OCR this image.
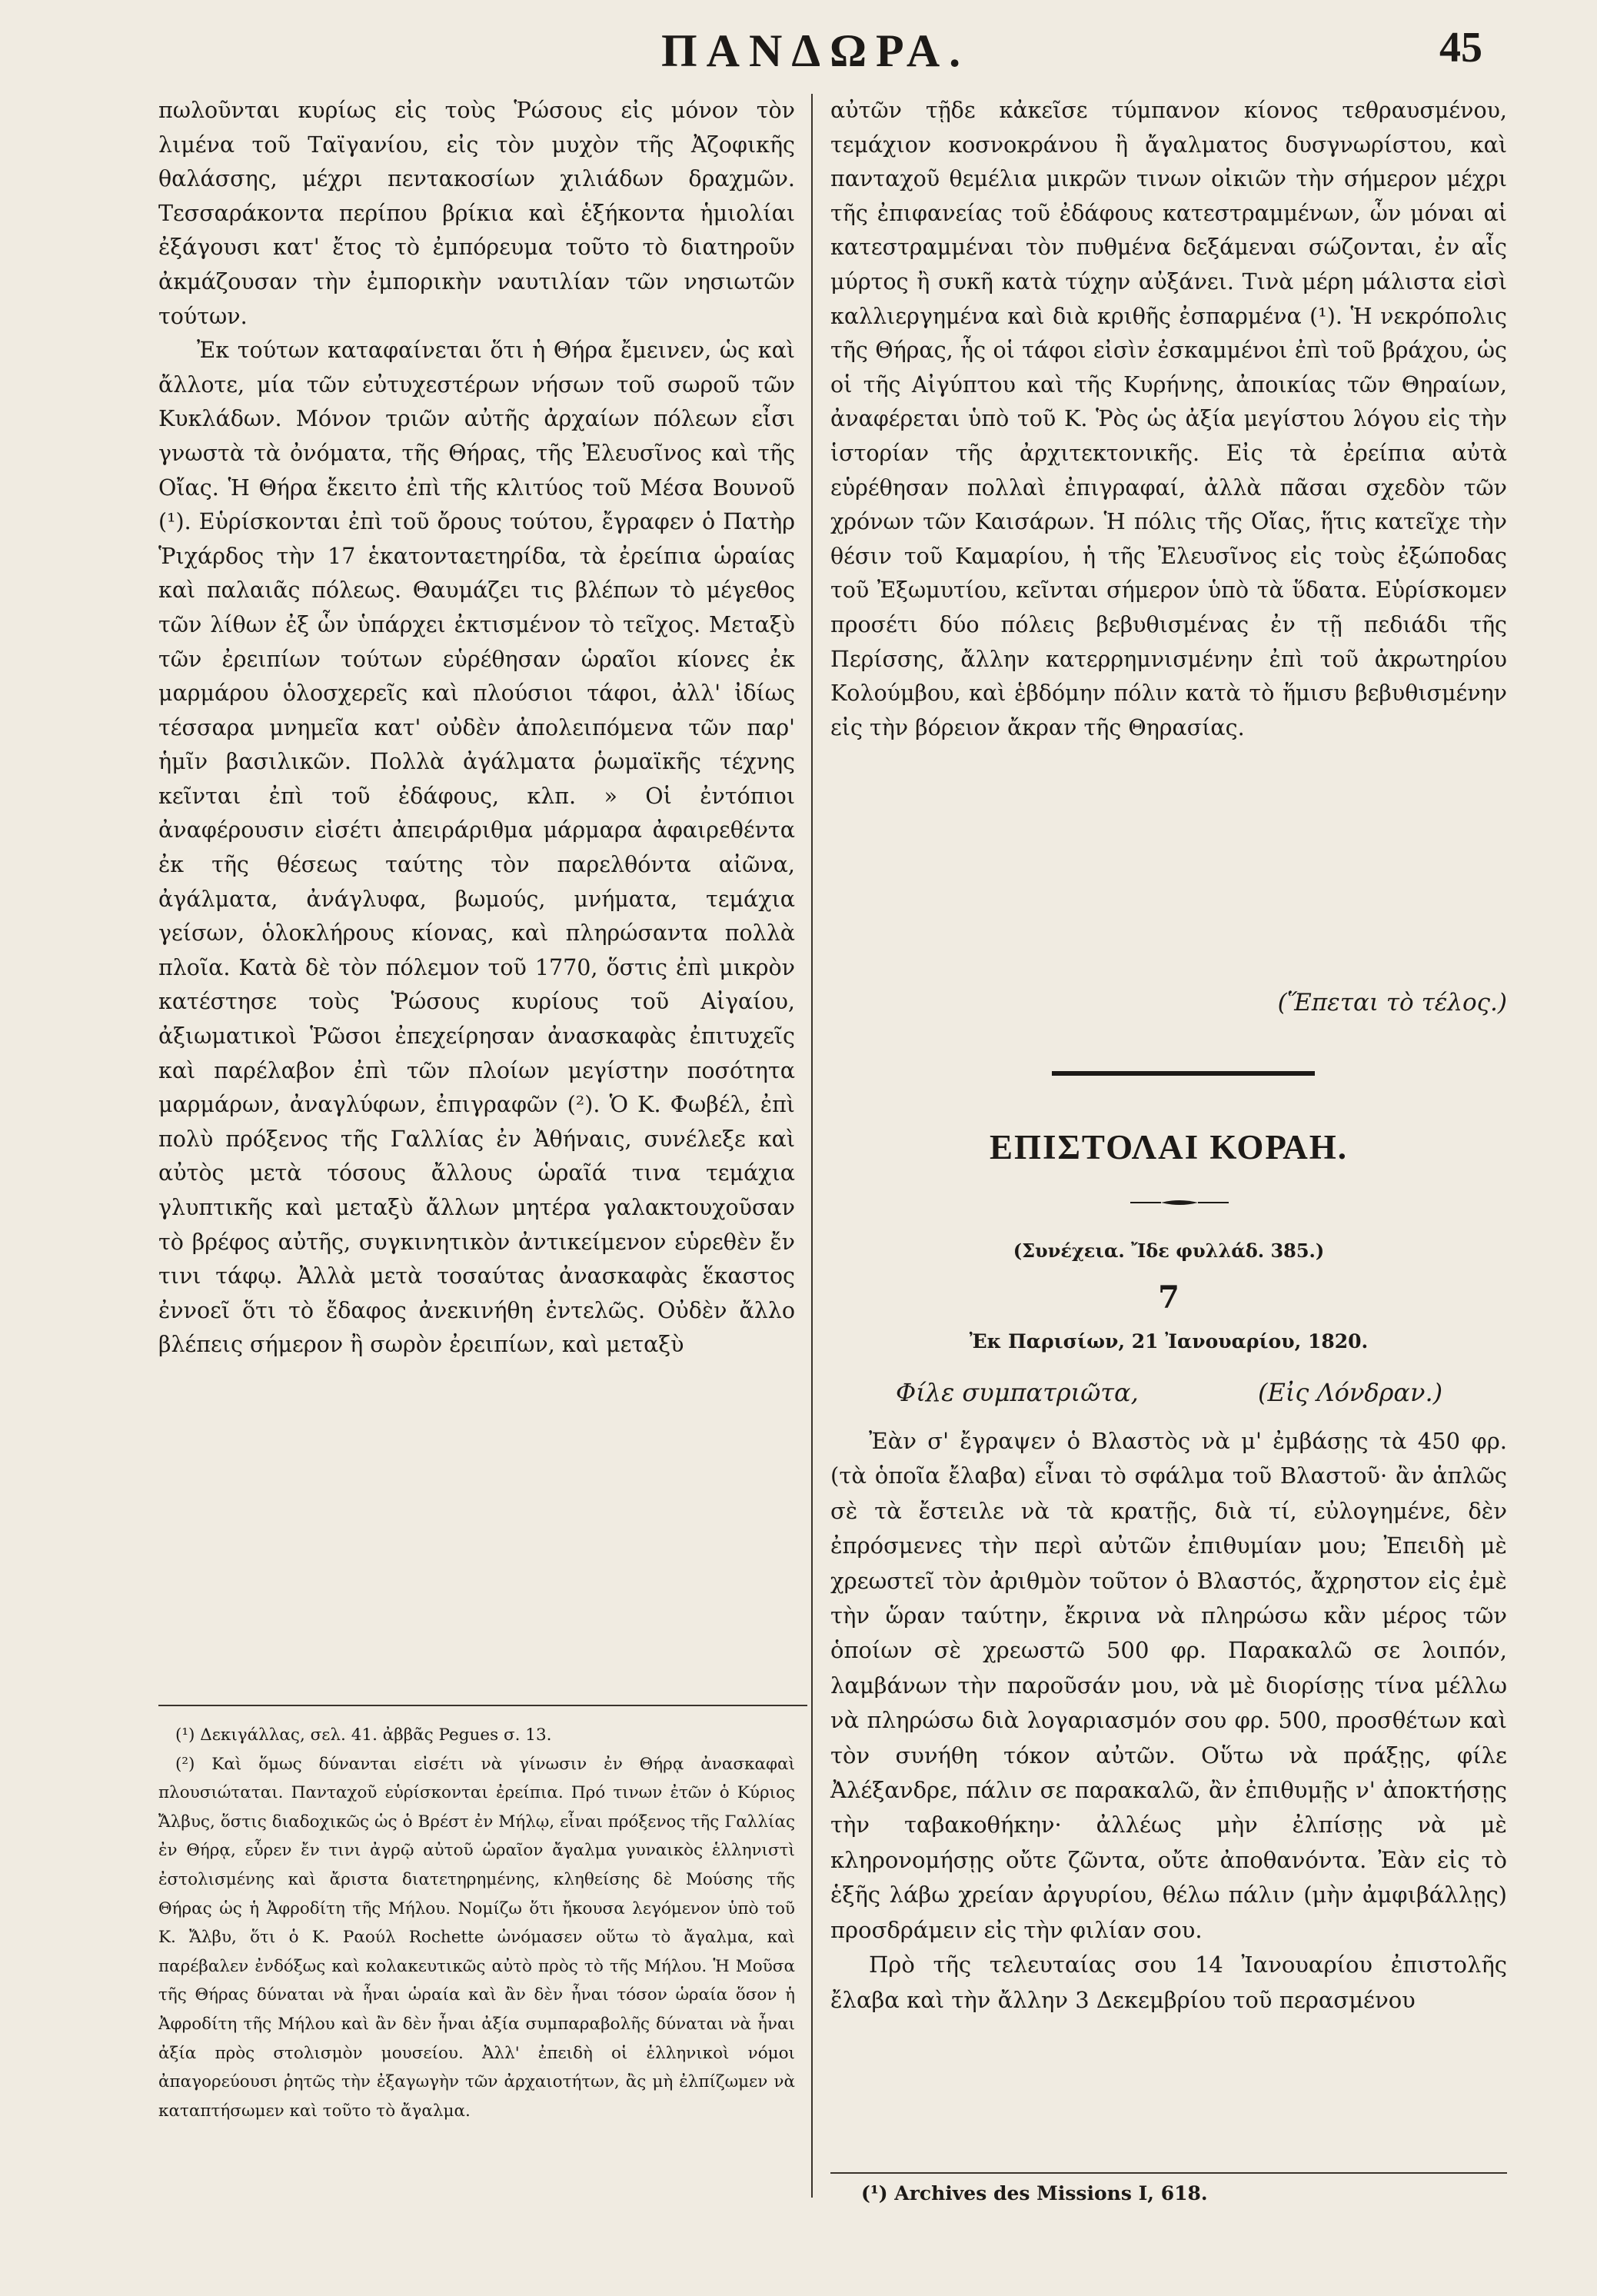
ΠΑΝΔΩΡΑ.	45

πωλοῦνται κυρίως εἰς τοὺς Ῥώσους εἰς μόνον τὸν λιμένα τοῦ Ταϊγανίου, εἰς τὸν μυχὸν τῆς Ἀζοφικῆς θαλάσσης, μέχρι πεντακοσίων χιλιάδων δραχμῶν. Τεσσαράκοντα περίπου βρίκια καὶ ἑξήκοντα ἡμιολίαι ἐξάγουσι κατ' ἔτος τὸ ἐμπόρευμα τοῦτο τὸ διατηροῦν ἀκμάζουσαν τὴν ἐμπορικὴν ναυτιλίαν τῶν νησιωτῶν τούτων.

Ἐκ τούτων καταφαίνεται ὅτι ἡ Θήρα ἔμεινεν, ὡς καὶ ἄλλοτε, μία τῶν εὐτυχεστέρων νήσων τοῦ σωροῦ τῶν Κυκλάδων. Μόνον τριῶν αὐτῆς ἀρχαίων πόλεων εἶσι γνωστὰ τὰ ὀνόματα, τῆς Θήρας, τῆς Ἐλευσῖνος καὶ τῆς Οἴας. Ἡ Θήρα ἔκειτο ἐπὶ τῆς κλιτύος τοῦ Μέσα Βουνοῦ (¹). Εὑρίσκονται ἐπὶ τοῦ ὄρους τούτου, ἔγραφεν ὁ Πατὴρ Ῥιχάρδος τὴν 17 ἑκατονταετηρίδα, τὰ ἐρείπια ὡραίας καὶ παλαιᾶς πόλεως. Θαυμάζει τις βλέπων τὸ μέγεθος τῶν λίθων ἐξ ὧν ὑπάρχει ἐκτισμένον τὸ τεῖχος. Μεταξὺ τῶν ἐρειπίων τούτων εὑρέθησαν ὡραῖοι κίονες ἐκ μαρμάρου ὁλοσχερεῖς καὶ πλούσιοι τάφοι, ἀλλ' ἰδίως τέσσαρα μνημεῖα κατ' οὐδὲν ἀπολειπόμενα τῶν παρ' ἡμῖν βασιλικῶν. Πολλὰ ἀγάλματα ῥωμαϊκῆς τέχνης κεῖνται ἐπὶ τοῦ ἐδάφους, κλπ. » Οἱ ἐντόπιοι ἀναφέρουσιν εἰσέτι ἀπειράριθμα μάρμαρα ἀφαιρεθέντα ἐκ τῆς θέσεως ταύτης τὸν παρελθόντα αἰῶνα, ἀγάλματα, ἀνάγλυφα, βωμούς, μνήματα, τεμάχια γείσων, ὁλοκλήρους κίονας, καὶ πληρώσαντα πολλὰ πλοῖα. Κατὰ δὲ τὸν πόλεμον τοῦ 1770, ὅστις ἐπὶ μικρὸν κατέστησε τοὺς Ῥώσους κυρίους τοῦ Αἰγαίου, ἀξιωματικοὶ Ῥῶσοι ἐπεχείρησαν ἀνασκαφὰς ἐπιτυχεῖς καὶ παρέλαβον ἐπὶ τῶν πλοίων μεγίστην ποσότητα μαρμάρων, ἀναγλύφων, ἐπιγραφῶν (²). Ὁ Κ. Φωβέλ, ἐπὶ πολὺ πρόξενος τῆς Γαλλίας ἐν Ἀθήναις, συνέλεξε καὶ αὐτὸς μετὰ τόσους ἄλλους ὡραῖά τινα τεμάχια γλυπτικῆς καὶ μεταξὺ ἄλλων μητέρα γαλακτουχοῦσαν τὸ βρέφος αὐτῆς, συγκινητικὸν ἀντικείμενον εὑρεθὲν ἔν τινι τάφῳ. Ἀλλὰ μετὰ τοσαύτας ἀνασκαφὰς ἕκαστος ἐννοεῖ ὅτι τὸ ἔδαφος ἀνεκινήθη ἐντελῶς. Οὐδὲν ἄλλο βλέπεις σήμερον ἢ σωρὸν ἐρειπίων, καὶ μεταξὺ

(¹) Δεκιγάλλας, σελ. 41. ἀββᾶς Pegues σ. 13.

(²) Καὶ ὅμως δύνανται εἰσέτι νὰ γίνωσιν ἐν Θήρᾳ ἀνασκαφαὶ πλουσιώταται. Πανταχοῦ εὑρίσκονται ἐρείπια. Πρό τινων ἐτῶν ὁ Κύριος Ἄλβυς, ὅστις διαδοχικῶς ὡς ὁ Βρέστ ἐν Μήλῳ, εἶναι πρόξενος τῆς Γαλλίας ἐν Θήρᾳ, εὗρεν ἔν τινι ἀγρῷ αὐτοῦ ὡραῖον ἄγαλμα γυναικὸς ἑλληνιστὶ ἐστολισμένης καὶ ἄριστα διατετηρημένης, κληθείσης δὲ Μούσης τῆς Θήρας ὡς ἡ Ἀφροδίτη τῆς Μήλου. Νομίζω ὅτι ἤκουσα λεγόμενον ὑπὸ τοῦ Κ. Ἄλβυ, ὅτι ὁ Κ. Ραούλ Rochette ὠνόμασεν οὕτω τὸ ἄγαλμα, καὶ παρέβαλεν ἐνδόξως καὶ κολακευτικῶς αὐτὸ πρὸς τὸ τῆς Μήλου. Ἡ Μοῦσα τῆς Θήρας δύναται νὰ ἦναι ὡραία καὶ ἂν δὲν ἦναι τόσον ὡραία ὅσον ἡ Ἀφροδίτη τῆς Μήλου καὶ ἂν δὲν ἦναι ἀξία συμπαραβολῆς δύναται νὰ ἦναι ἀξία πρὸς στολισμὸν μουσείου. Ἀλλ' ἐπειδὴ οἱ ἑλληνικοὶ νόμοι ἀπαγορεύουσι ῥητῶς τὴν ἐξαγωγὴν τῶν ἀρχαιοτήτων, ἂς μὴ ἐλπίζωμεν νὰ καταπτήσωμεν καὶ τοῦτο τὸ ἄγαλμα.

αὐτῶν τῇδε κἀκεῖσε τύμπανον κίονος τεθραυσμένου, τεμάχιον κοσνοκράνου ἢ ἄγαλματος δυσγνωρίστου, καὶ πανταχοῦ θεμέλια μικρῶν τινων οἰκιῶν τὴν σήμερον μέχρι τῆς ἐπιφανείας τοῦ ἐδάφους κατεστραμμένων, ὧν μόναι αἱ κατεστραμμέναι τὸν πυθμένα δεξάμεναι σώζονται, ἐν αἷς μύρτος ἢ συκῆ κατὰ τύχην αὐξάνει. Τινὰ μέρη μάλιστα εἰσὶ καλλιεργημένα καὶ διὰ κριθῆς ἐσπαρμένα (¹). Ἡ νεκρόπολις τῆς Θήρας, ἧς οἱ τάφοι εἰσὶν ἐσκαμμένοι ἐπὶ τοῦ βράχου, ὡς οἱ τῆς Αἰγύπτου καὶ τῆς Κυρήνης, ἀποικίας τῶν Θηραίων, ἀναφέρεται ὑπὸ τοῦ Κ. Ῥὸς ὡς ἀξία μεγίστου λόγου εἰς τὴν ἱστορίαν τῆς ἀρχιτεκτονικῆς. Εἰς τὰ ἐρείπια αὐτὰ εὑρέθησαν πολλαὶ ἐπιγραφαί, ἀλλὰ πᾶσαι σχεδὸν τῶν χρόνων τῶν Καισάρων. Ἡ πόλις τῆς Οἴας, ἥτις κατεῖχε τὴν θέσιν τοῦ Καμαρίου, ἡ τῆς Ἐλευσῖνος εἰς τοὺς ἐξώποδας τοῦ Ἐξωμυτίου, κεῖνται σήμερον ὑπὸ τὰ ὕδατα. Εὑρίσκομεν προσέτι δύο πόλεις βεβυθισμένας ἐν τῇ πεδιάδι τῆς Περίσσης, ἄλλην κατερρημνισμένην ἐπὶ τοῦ ἀκρωτηρίου Κολούμβου, καὶ ἑβδόμην πόλιν κατὰ τὸ ἥμισυ βεβυθισμένην εἰς τὴν βόρειον ἄκραν τῆς Θηρασίας.

(Ἕπεται τὸ τέλος.)
ΕΠΙΣΤΟΛΑΙ ΚΟΡΑΗ.
(Συνέχεια. Ἴδε φυλλάδ. 385.)
7
Ἐκ Παρισίων, 21 Ἰανουαρίου, 1820.
Φίλε συμπατριῶτα,	(Εἰς Λόνδραν.)

Ἐὰν σ' ἔγραψεν ὁ Βλαστὸς νὰ μ' ἐμβάσῃς τὰ 450 φρ. (τὰ ὁποῖα ἔλαβα) εἶναι τὸ σφάλμα τοῦ Βλαστοῦ· ἂν ἁπλῶς σὲ τὰ ἔστειλε νὰ τὰ κρατῇς, διὰ τί, εὐλογημένε, δὲν ἐπρόσμενες τὴν περὶ αὐτῶν ἐπιθυμίαν μου; Ἐπειδὴ μὲ χρεωστεῖ τὸν ἀριθμὸν τοῦτον ὁ Βλαστός, ἄχρηστον εἰς ἐμὲ τὴν ὥραν ταύτην, ἔκρινα νὰ πληρώσω κἂν μέρος τῶν ὁποίων σὲ χρεωστῶ 500 φρ. Παρακαλῶ σε λοιπόν, λαμβάνων τὴν παροῦσάν μου, νὰ μὲ διορίσῃς τίνα μέλλω νὰ πληρώσω διὰ λογαριασμόν σου φρ. 500, προσθέτων καὶ τὸν συνήθη τόκον αὐτῶν. Οὕτω νὰ πράξῃς, φίλε Ἀλέξανδρε, πάλιν σε παρακαλῶ, ἂν ἐπιθυμῇς ν' ἀποκτήσῃς τὴν ταβακοθήκην· ἀλλέως μὴν ἐλπίσῃς νὰ μὲ κληρονομήσῃς οὔτε ζῶντα, οὔτε ἀποθανόντα. Ἐὰν εἰς τὸ ἑξῆς λάβω χρείαν ἀργυρίου, θέλω πάλιν (μὴν ἀμφιβάλλῃς) προσδράμειν εἰς τὴν φιλίαν σου.

Πρὸ τῆς τελευταίας σου 14 Ἰανουαρίου ἐπιστολῆς ἔλαβα καὶ τὴν ἄλλην 3 Δεκεμβρίου τοῦ περασμένου

(¹) Archives des Missions I, 618.
